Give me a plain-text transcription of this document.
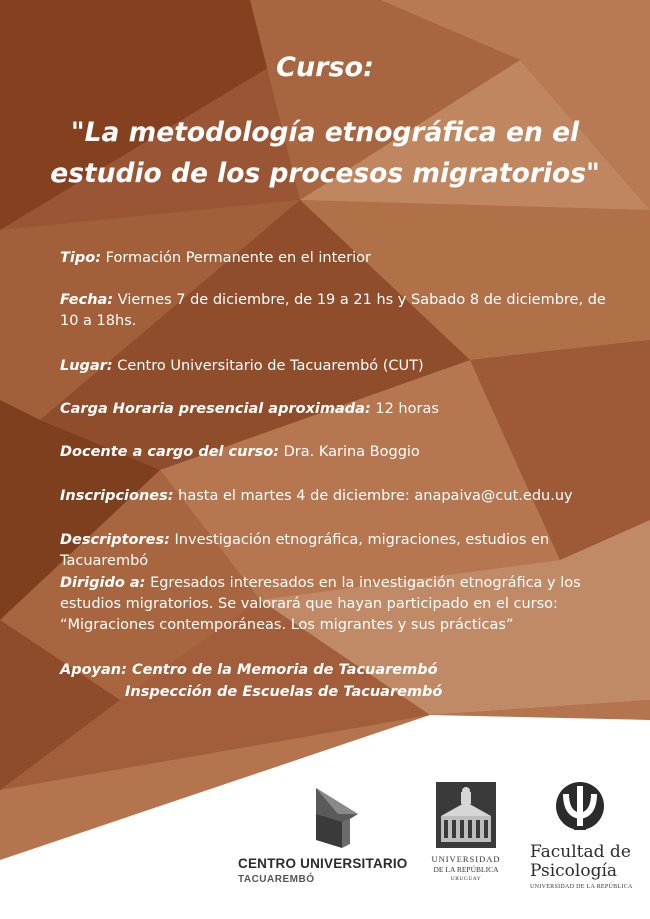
Curso:
"La metodología etnográfica en el estudio de los procesos migratorios"

Tipo: Formación Permanente en el interior

Fecha: Viernes 7 de diciembre, de 19 a 21 hs y Sabado 8 de diciembre, de 10 a 18hs.

Lugar: Centro Universitario de Tacuarembó (CUT)

Carga Horaria presencial aproximada: 12 horas

Docente a cargo del curso: Dra. Karina Boggio

Inscripciones: hasta el martes 4 de diciembre: anapaiva@cut.edu.uy

Descriptores: Investigación etnográfica, migraciones, estudios en Tacuarembó

Dirigido a: Egresados interesados en la investigación etnográfica y los estudios migratorios. Se valorará que hayan participado en el curso: “Migraciones contemporáneas. Los migrantes y sus prácticas”

Apoyan: Centro de la Memoria de Tacuarembó

Inspección de Escuelas de Tacuarembó

CENTRO UNIVERSITARIO
TACUAREMBÓ
UNIVERSIDAD
DE LA REPÚBLICA
URUGUAY
Facultad de
Psicología
UNIVERSIDAD DE LA REPÚBLICA
